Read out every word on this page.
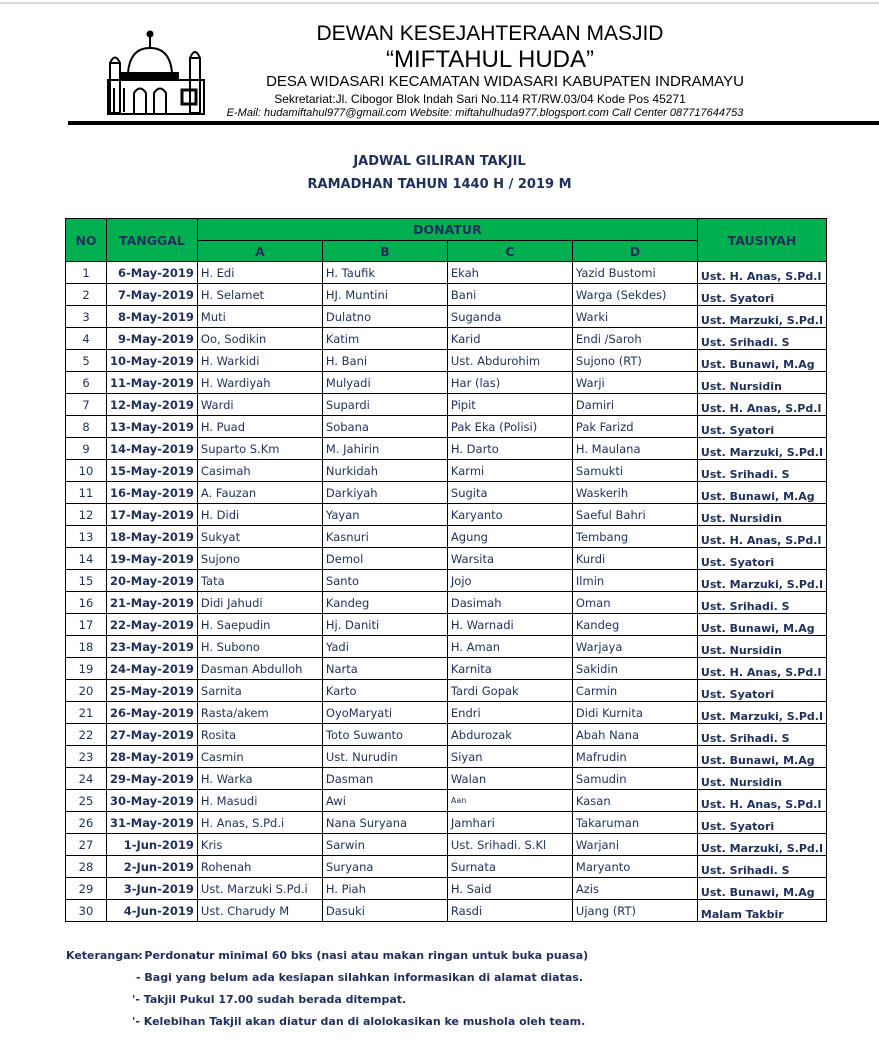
DEWAN KESEJAHTERAAN MASJID
“MIFTAHUL HUDA”
DESA WIDASARI KECAMATAN WIDASARI KABUPATEN INDRAMAYU
Sekretariat:Jl. Cibogor Blok Indah Sari No.114 RT/RW.03/04 Kode Pos 45271
E-Mail: hudamiftahul977@gmail.com Website: miftahulhuda977.blogsport.com Call Center 087717644753
JADWAL GILIRAN TAKJIL
RAMADHAN TAHUN 1440 H / 2019 M
NO	TANGGAL	DONATUR				TAUSIYAH
		A	B	C	D	
1	6-May-2019	H. Edi	H. Taufik	Ekah	Yazid Bustomi	Ust. H. Anas, S.Pd.I
2	7-May-2019	H. Selamet	HJ. Muntini	Bani	Warga (Sekdes)	Ust. Syatori
3	8-May-2019	Muti	Dulatno	Suganda	Warki	Ust. Marzuki, S.Pd.I
4	9-May-2019	Oo, Sodikin	Katim	Karid	Endi /Saroh	Ust. Srihadi. S
5	10-May-2019	H. Warkidi	H. Bani	Ust. Abdurohim	Sujono (RT)	Ust. Bunawi, M.Ag
6	11-May-2019	H. Wardiyah	Mulyadi	Har (las)	Warji	Ust. Nursidin
7	12-May-2019	Wardi	Supardi	Pipit	Damiri	Ust. H. Anas, S.Pd.I
8	13-May-2019	H. Puad	Sobana	Pak Eka (Polisi)	Pak Farizd	Ust. Syatori
9	14-May-2019	Suparto S.Km	M. Jahirin	H. Darto	H. Maulana	Ust. Marzuki, S.Pd.I
10	15-May-2019	Casimah	Nurkidah	Karmi	Samukti	Ust. Srihadi. S
11	16-May-2019	A. Fauzan	Darkiyah	Sugita	Waskerih	Ust. Bunawi, M.Ag
12	17-May-2019	H. Didi	Yayan	Karyanto	Saeful Bahri	Ust. Nursidin
13	18-May-2019	Sukyat	Kasnuri	Agung	Tembang	Ust. H. Anas, S.Pd.I
14	19-May-2019	Sujono	Demol	Warsita	Kurdi	Ust. Syatori
15	20-May-2019	Tata	Santo	Jojo	Ilmin	Ust. Marzuki, S.Pd.I
16	21-May-2019	Didi Jahudi	Kandeg	Dasimah	Oman	Ust. Srihadi. S
17	22-May-2019	H. Saepudin	Hj. Daniti	H. Warnadi	Kandeg	Ust. Bunawi, M.Ag
18	23-May-2019	H. Subono	Yadi	H. Aman	Warjaya	Ust. Nursidin
19	24-May-2019	Dasman Abdulloh	Narta	Karnita	Sakidin	Ust. H. Anas, S.Pd.I
20	25-May-2019	Sarnita	Karto	Tardi Gopak	Carmin	Ust. Syatori
21	26-May-2019	Rasta/akem	OyoMaryati	Endri	Didi Kurnita	Ust. Marzuki, S.Pd.I
22	27-May-2019	Rosita	Toto Suwanto	Abdurozak	Abah Nana	Ust. Srihadi. S
23	28-May-2019	Casmin	Ust. Nurudin	Siyan	Mafrudin	Ust. Bunawi, M.Ag
24	29-May-2019	H. Warka	Dasman	Walan	Samudin	Ust. Nursidin
25	30-May-2019	H. Masudi	Awi	Aan	Kasan	Ust. H. Anas, S.Pd.I
26	31-May-2019	H. Anas, S.Pd.i	Nana Suryana	Jamhari	Takaruman	Ust. Syatori
27	1-Jun-2019	Kris	Sarwin	Ust. Srihadi. S.Kl	Warjani	Ust. Marzuki, S.Pd.I
28	2-Jun-2019	Rohenah	Suryana	Surnata	Maryanto	Ust. Srihadi. S
29	3-Jun-2019	Ust. Marzuki S.Pd.i	H. Piah	H. Said	Azis	Ust. Bunawi, M.Ag
30	4-Jun-2019	Ust. Charudy M	Dasuki	Rasdi	Ujang (RT)	Malam Takbir
Keterangan:
- Perdonatur minimal 60 bks (nasi atau makan ringan untuk buka puasa)
- Bagi yang belum ada kesiapan silahkan informasikan di alamat diatas.
'- Takjil Pukul 17.00 sudah berada ditempat.
'- Kelebihan Takjil akan diatur dan di alolokasikan ke mushola oleh team.
